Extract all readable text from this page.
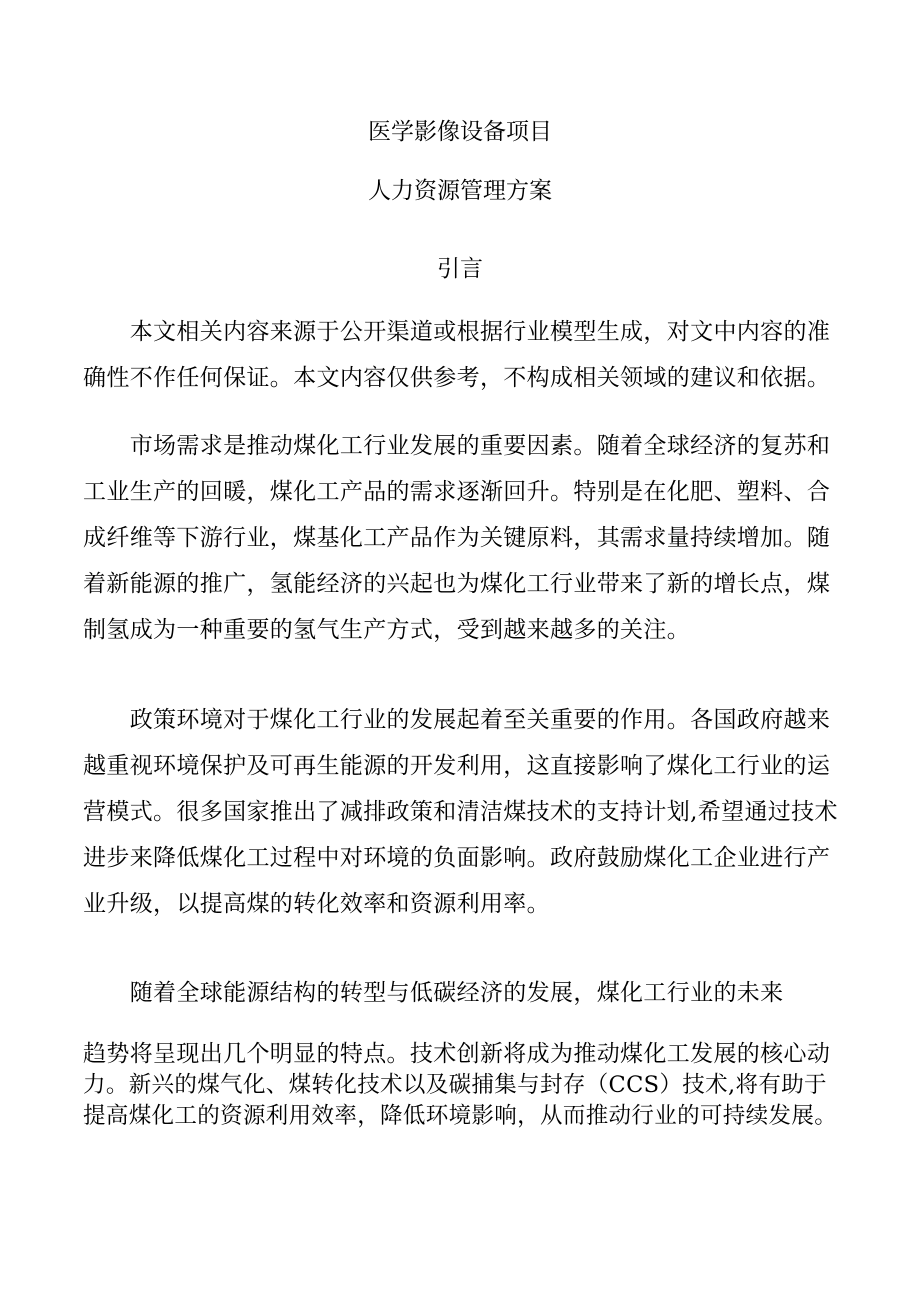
医学影像设备项目
人力资源管理方案
引言

　　本文相关内容来源于公开渠道或根据行业模型生成，对文中内容的准
确性不作任何保证。本文内容仅供参考，不构成相关领域的建议和依据。

　　市场需求是推动煤化工行业发展的重要因素。随着全球经济的复苏和
工业生产的回暖，煤化工产品的需求逐渐回升。特别是在化肥、塑料、合
成纤维等下游行业，煤基化工产品作为关键原料，其需求量持续增加。随
着新能源的推广，氢能经济的兴起也为煤化工行业带来了新的增长点，煤
制氢成为一种重要的氢气生产方式，受到越来越多的关注。

　　政策环境对于煤化工行业的发展起着至关重要的作用。各国政府越来
越重视环境保护及可再生能源的开发利用，这直接影响了煤化工行业的运
营模式。很多国家推出了减排政策和清洁煤技术的支持计划,希望通过技术
进步来降低煤化工过程中对环境的负面影响。政府鼓励煤化工企业进行产
业升级，以提高煤的转化效率和资源利用率。

　　随着全球能源结构的转型与低碳经济的发展，煤化工行业的未来

趋势将呈现出几个明显的特点。技术创新将成为推动煤化工发展的核心动
力。新兴的煤气化、煤转化技术以及碳捕集与封存（CCS）技术,将有助于
提高煤化工的资源利用效率，降低环境影响，从而推动行业的可持续发展。
